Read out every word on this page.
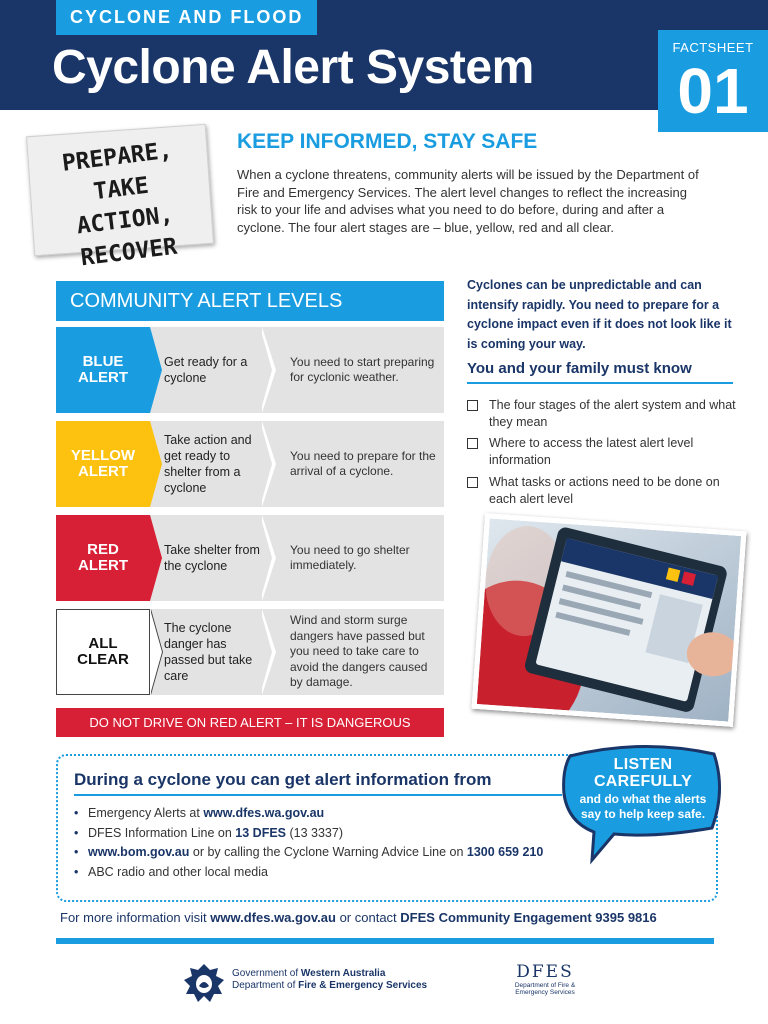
CYCLONE AND FLOOD
Cyclone Alert System	FACTSHEET
01
PREPARE,
TAKE ACTION,
RECOVER
KEEP INFORMED, STAY SAFE
When a cyclone threatens, community alerts will be issued by the Department of Fire and Emergency Services. The alert level changes to reflect the increasing risk to your life and advises what you need to do before, during and after a cyclone. The four alert stages are – blue, yellow, red and all clear.
COMMUNITY ALERT LEVELS
BLUE
ALERT
Get ready for a cyclone
You need to start preparing for cyclonic weather.
YELLOW
ALERT
Take action and get ready to shelter from a cyclone
You need to prepare for the arrival of a cyclone.
RED
ALERT
Take shelter from the cyclone
You need to go shelter immediately.
ALL
CLEAR
The cyclone danger has passed but take care
Wind and storm surge dangers have passed but you need to take care to avoid the dangers caused by damage.
DO NOT DRIVE ON RED ALERT – IT IS DANGEROUS
Cyclones can be unpredictable and can intensify rapidly. You need to prepare for a cyclone impact even if it does not look like it is coming your way.
You and your family must know
The four stages of the alert system and what they mean
Where to access the latest alert level information
What tasks or actions need to be done on each alert level
During a cyclone you can get alert information from
• Emergency Alerts at www.dfes.wa.gov.au
• DFES Information Line on 13 DFES (13 3337)
• www.bom.gov.au or by calling the Cyclone Warning Advice Line on 1300 659 210
• ABC radio and other local media
LISTEN
CAREFULLY
and do what the alerts say to help keep safe.
For more information visit www.dfes.wa.gov.au or contact DFES Community Engagement 9395 9816
Government of Western Australia
Department of Fire & Emergency Services
DFES
Department of Fire &
Emergency Services
